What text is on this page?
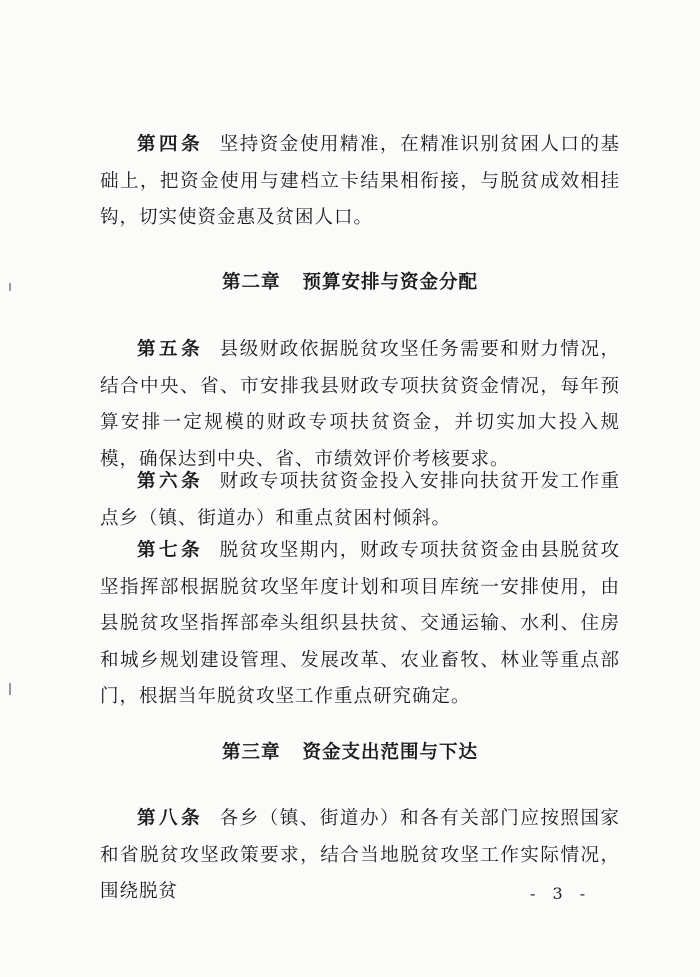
第四条 坚持资金使用精准，在精准识别贫困人口的基础上，把资金使用与建档立卡结果相衔接，与脱贫成效相挂钩，切实使资金惠及贫困人口。

第二章 预算安排与资金分配

第五条 县级财政依据脱贫攻坚任务需要和财力情况，结合中央、省、市安排我县财政专项扶贫资金情况，每年预算安排一定规模的财政专项扶贫资金，并切实加大投入规模，确保达到中央、省、市绩效评价考核要求。

第六条 财政专项扶贫资金投入安排向扶贫开发工作重点乡（镇、街道办）和重点贫困村倾斜。

第七条 脱贫攻坚期内，财政专项扶贫资金由县脱贫攻坚指挥部根据脱贫攻坚年度计划和项目库统一安排使用，由县脱贫攻坚指挥部牵头组织县扶贫、交通运输、水利、住房和城乡规划建设管理、发展改革、农业畜牧、林业等重点部门，根据当年脱贫攻坚工作重点研究确定。

第三章 资金支出范围与下达

第八条 各乡（镇、街道办）和各有关部门应按照国家和省脱贫攻坚政策要求，结合当地脱贫攻坚工作实际情况，围绕脱贫	- 3 -
